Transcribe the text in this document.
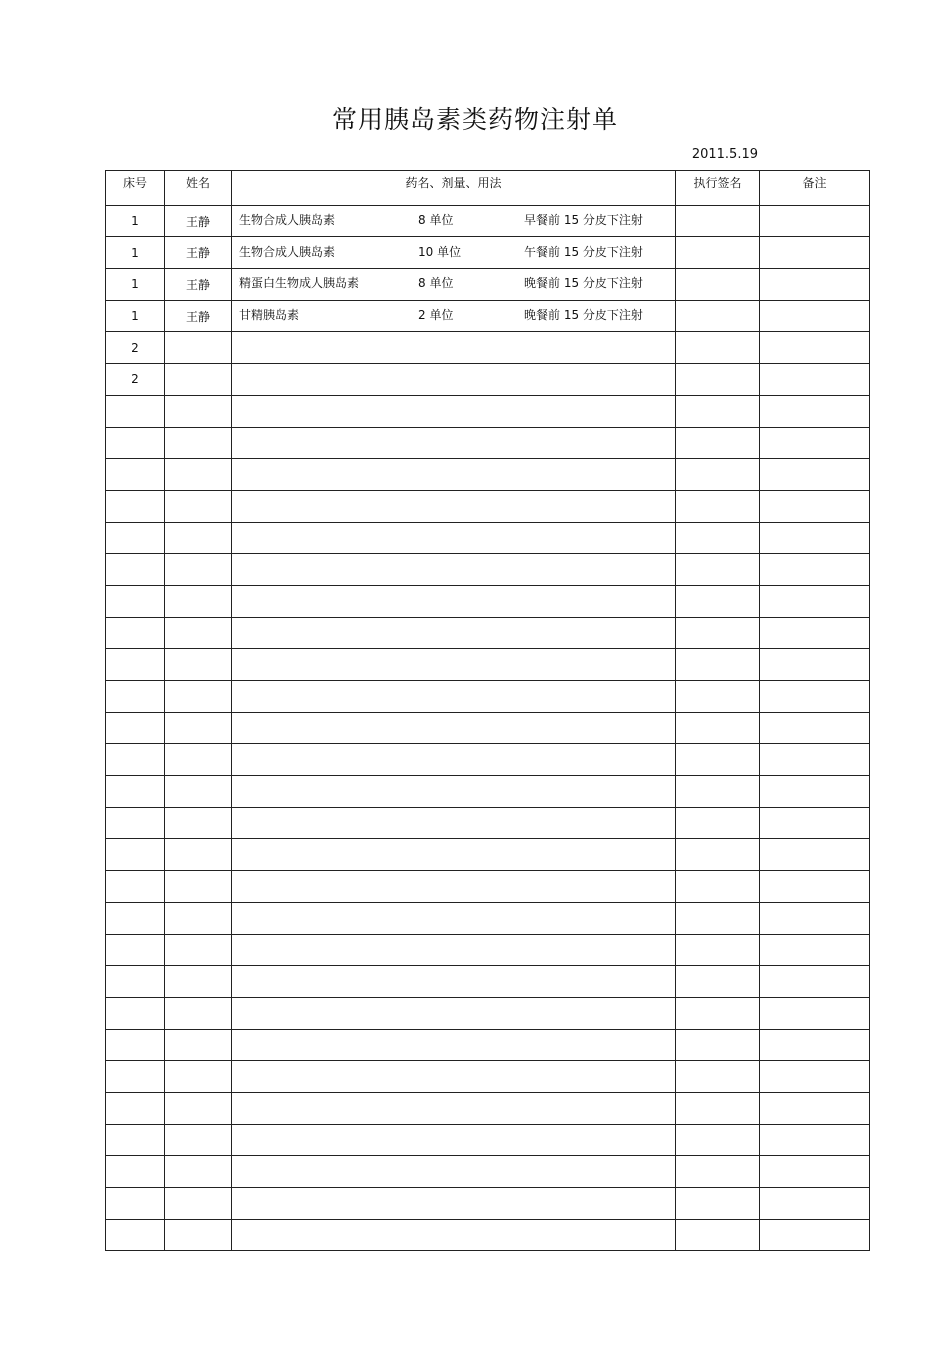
常用胰岛素类药物注射单
2011.5.19
床号	姓名	药名、剂量、用法	执行签名	备注
1	王静	生物合成人胰岛素 8 单位 早餐前 15 分皮下注射		

1	王静	生物合成人胰岛素 10 单位 午餐前 15 分皮下注射		

1	王静	精蛋白生物成人胰岛素 8 单位 晚餐前 15 分皮下注射		

1	王静	甘精胰岛素 2 单位 晚餐前 15 分皮下注射		

2		

2		
